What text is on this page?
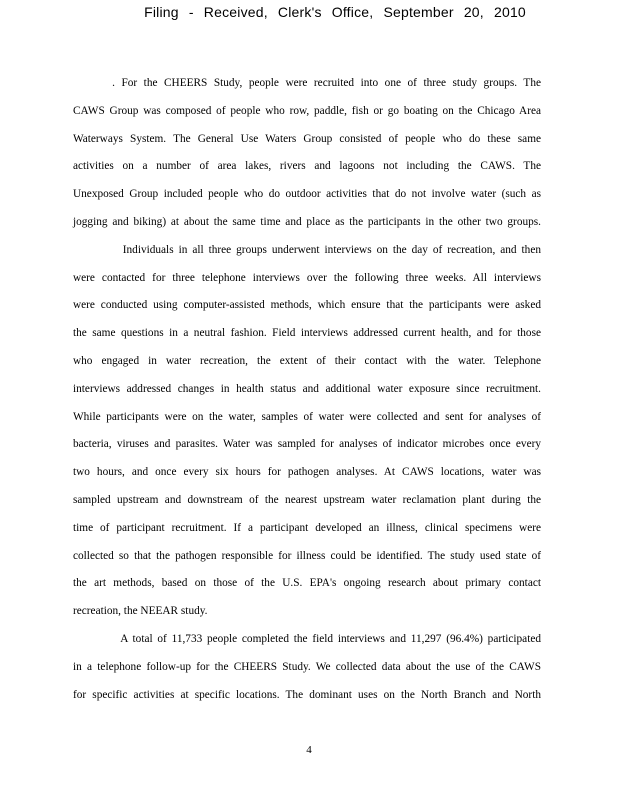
Filing - Received, Clerk's Office, September 20, 2010
. For the CHEERS Study, people were recruited into one of three study groups. The
CAWS Group was composed of people who row, paddle, fish or go boating on the Chicago Area
Waterways System. The General Use Waters Group consisted of people who do these same
activities on a number of area lakes, rivers and lagoons not including the CAWS. The
Unexposed Group included people who do outdoor activities that do not involve water (such as
jogging and biking) at about the same time and place as the participants in the other two groups.
Individuals in all three groups underwent interviews on the day of recreation, and then
were contacted for three telephone interviews over the following three weeks. All interviews
were conducted using computer-assisted methods, which ensure that the participants were asked
the same questions in a neutral fashion. Field interviews addressed current health, and for those
who engaged in water recreation, the extent of their contact with the water. Telephone
interviews addressed changes in health status and additional water exposure since recruitment.
While participants were on the water, samples of water were collected and sent for analyses of
bacteria, viruses and parasites. Water was sampled for analyses of indicator microbes once every
two hours, and once every six hours for pathogen analyses. At CAWS locations, water was
sampled upstream and downstream of the nearest upstream water reclamation plant during the
time of participant recruitment. If a participant developed an illness, clinical specimens were
collected so that the pathogen responsible for illness could be identified. The study used state of
the art methods, based on those of the U.S. EPA's ongoing research about primary contact
recreation, the NEEAR study.
A total of 11,733 people completed the field interviews and 11,297 (96.4%) participated
in a telephone follow-up for the CHEERS Study. We collected data about the use of the CAWS
for specific activities at specific locations. The dominant uses on the North Branch and North
4
